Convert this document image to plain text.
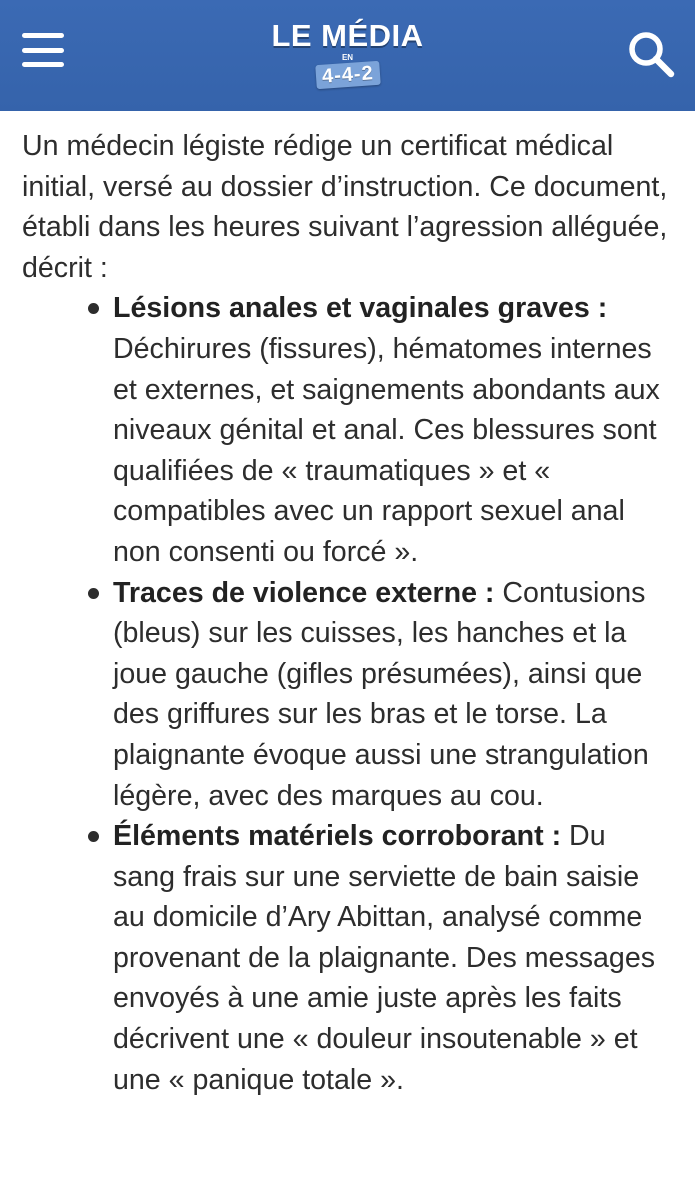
LE MÉDIA
EN
4-4-2

Un médecin légiste rédige un certificat médical initial, versé au dossier d’instruction. Ce document, établi dans les heures suivant l’agression alléguée, décrit :

Lésions anales et vaginales graves : Déchirures (fissures), hématomes internes et externes, et saignements abondants aux niveaux génital et anal. Ces blessures sont qualifiées de « traumatiques » et « compatibles avec un rapport sexuel anal non consenti ou forcé ».
Traces de violence externe : Contusions (bleus) sur les cuisses, les hanches et la joue gauche (gifles présumées), ainsi que des griffures sur les bras et le torse. La plaignante évoque aussi une strangulation légère, avec des marques au cou.
Éléments matériels corroborant : Du sang frais sur une serviette de bain saisie au domicile d’Ary Abittan, analysé comme provenant de la plaignante. Des messages envoyés à une amie juste après les faits décrivent une « douleur insoutenable » et une « panique totale ».
